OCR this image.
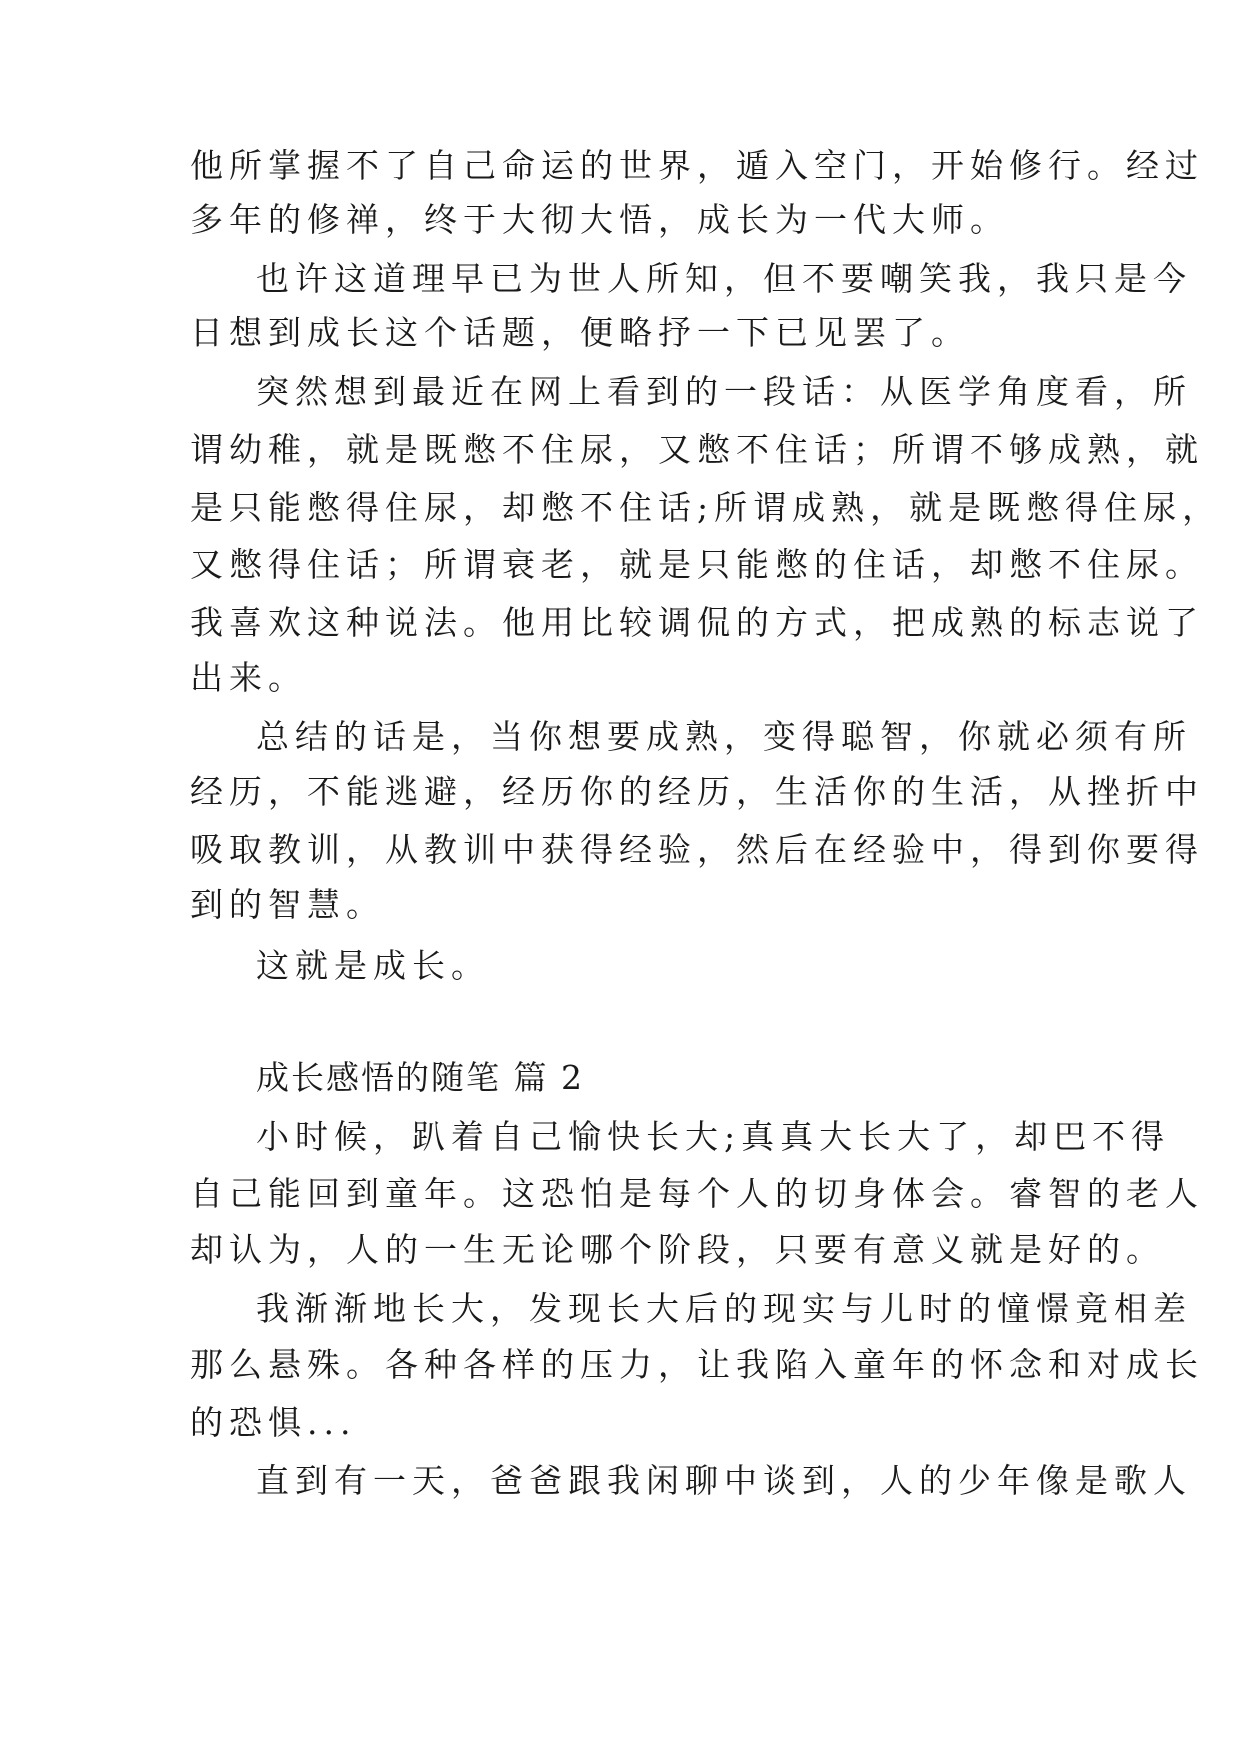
他所掌握不了自己命运的世界，遁入空门，开始修行。经过
多年的修禅，终于大彻大悟，成长为一代大师。
也许这道理早已为世人所知，但不要嘲笑我，我只是今
日想到成长这个话题，便略抒一下已见罢了。
突然想到最近在网上看到的一段话：从医学角度看，所
谓幼稚，就是既憋不住尿，又憋不住话；所谓不够成熟，就
是只能憋得住尿，却憋不住话;所谓成熟，就是既憋得住尿，
又憋得住话；所谓衰老，就是只能憋的住话，却憋不住尿。
我喜欢这种说法。他用比较调侃的方式，把成熟的标志说了
出来。
总结的话是，当你想要成熟，变得聪智，你就必须有所
经历，不能逃避，经历你的经历，生活你的生活，从挫折中
吸取教训，从教训中获得经验，然后在经验中，得到你要得
到的智慧。
这就是成长。
成长感悟的随笔 篇 2
小时候，趴着自己愉快长大;真真大长大了，却巴不得
自己能回到童年。这恐怕是每个人的切身体会。睿智的老人
却认为，人的一生无论哪个阶段，只要有意义就是好的。
我渐渐地长大，发现长大后的现实与儿时的憧憬竟相差
那么悬殊。各种各样的压力，让我陷入童年的怀念和对成长
的恐惧...
直到有一天，爸爸跟我闲聊中谈到，人的少年像是歌人
